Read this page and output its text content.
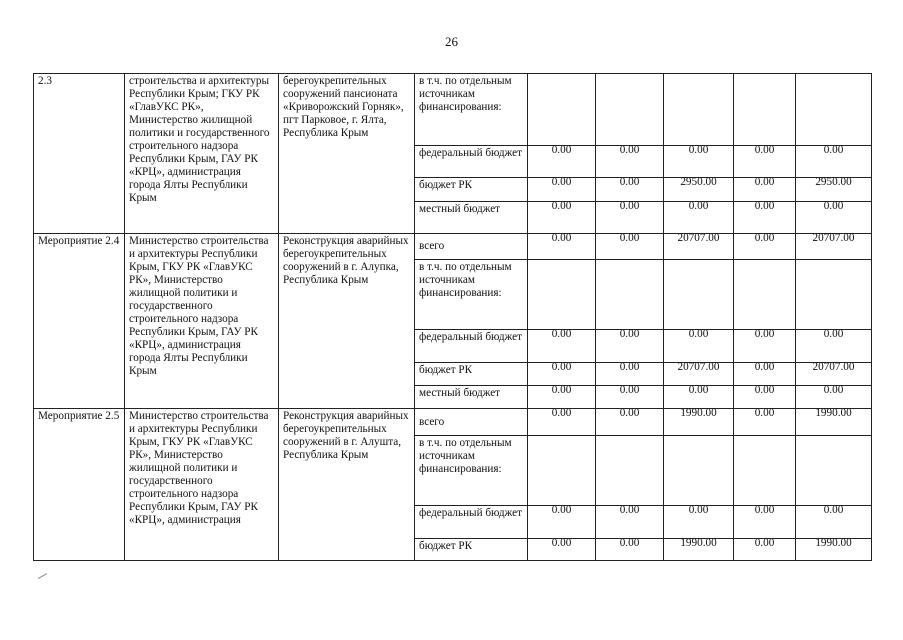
26
2.3	строительства и архитектуры Республики Крым; ГКУ РК «ГлавУКС РК», Министерство жилищной политики и государственного строительного надзора Республики Крым, ГАУ РК «КРЦ», администрация города Ялты Республики Крым	берегоукрепительных сооружений пансионата «Криворожский Горняк», пгт Парковое, г. Ялта, Республика Крым	в т.ч. по отдельным источникам финансирования:					
			федеральный бюджет	0.00	0.00	0.00	0.00	0.00
			бюджет РК	0.00	0.00	2950.00	0.00	2950.00
			местный бюджет	0.00	0.00	0.00	0.00	0.00
Мероприятие 2.4	Министерство строительства и архитектуры Республики Крым, ГКУ РК «ГлавУКС РК», Министерство жилищной политики и государственного строительного надзора Республики Крым, ГАУ РК «КРЦ», администрация города Ялты Республики Крым	Реконструкция аварийных берегоукрепительных сооружений в г. Алупка, Республика Крым	всего	0.00	0.00	20707.00	0.00	20707.00
			в т.ч. по отдельным источникам финансирования:					
			федеральный бюджет	0.00	0.00	0.00	0.00	0.00
			бюджет РК	0.00	0.00	20707.00	0.00	20707.00
			местный бюджет	0.00	0.00	0.00	0.00	0.00
Мероприятие 2.5	Министерство строительства и архитектуры Республики Крым, ГКУ РК «ГлавУКС РК», Министерство жилищной политики и государственного строительного надзора Республики Крым, ГАУ РК «КРЦ», администрация	Реконструкция аварийных берегоукрепительных сооружений в г. Алушта, Республика Крым	всего	0.00	0.00	1990.00	0.00	1990.00
			в т.ч. по отдельным источникам финансирования:					
			федеральный бюджет	0.00	0.00	0.00	0.00	0.00
			бюджет РК	0.00	0.00	1990.00	0.00	1990.00
